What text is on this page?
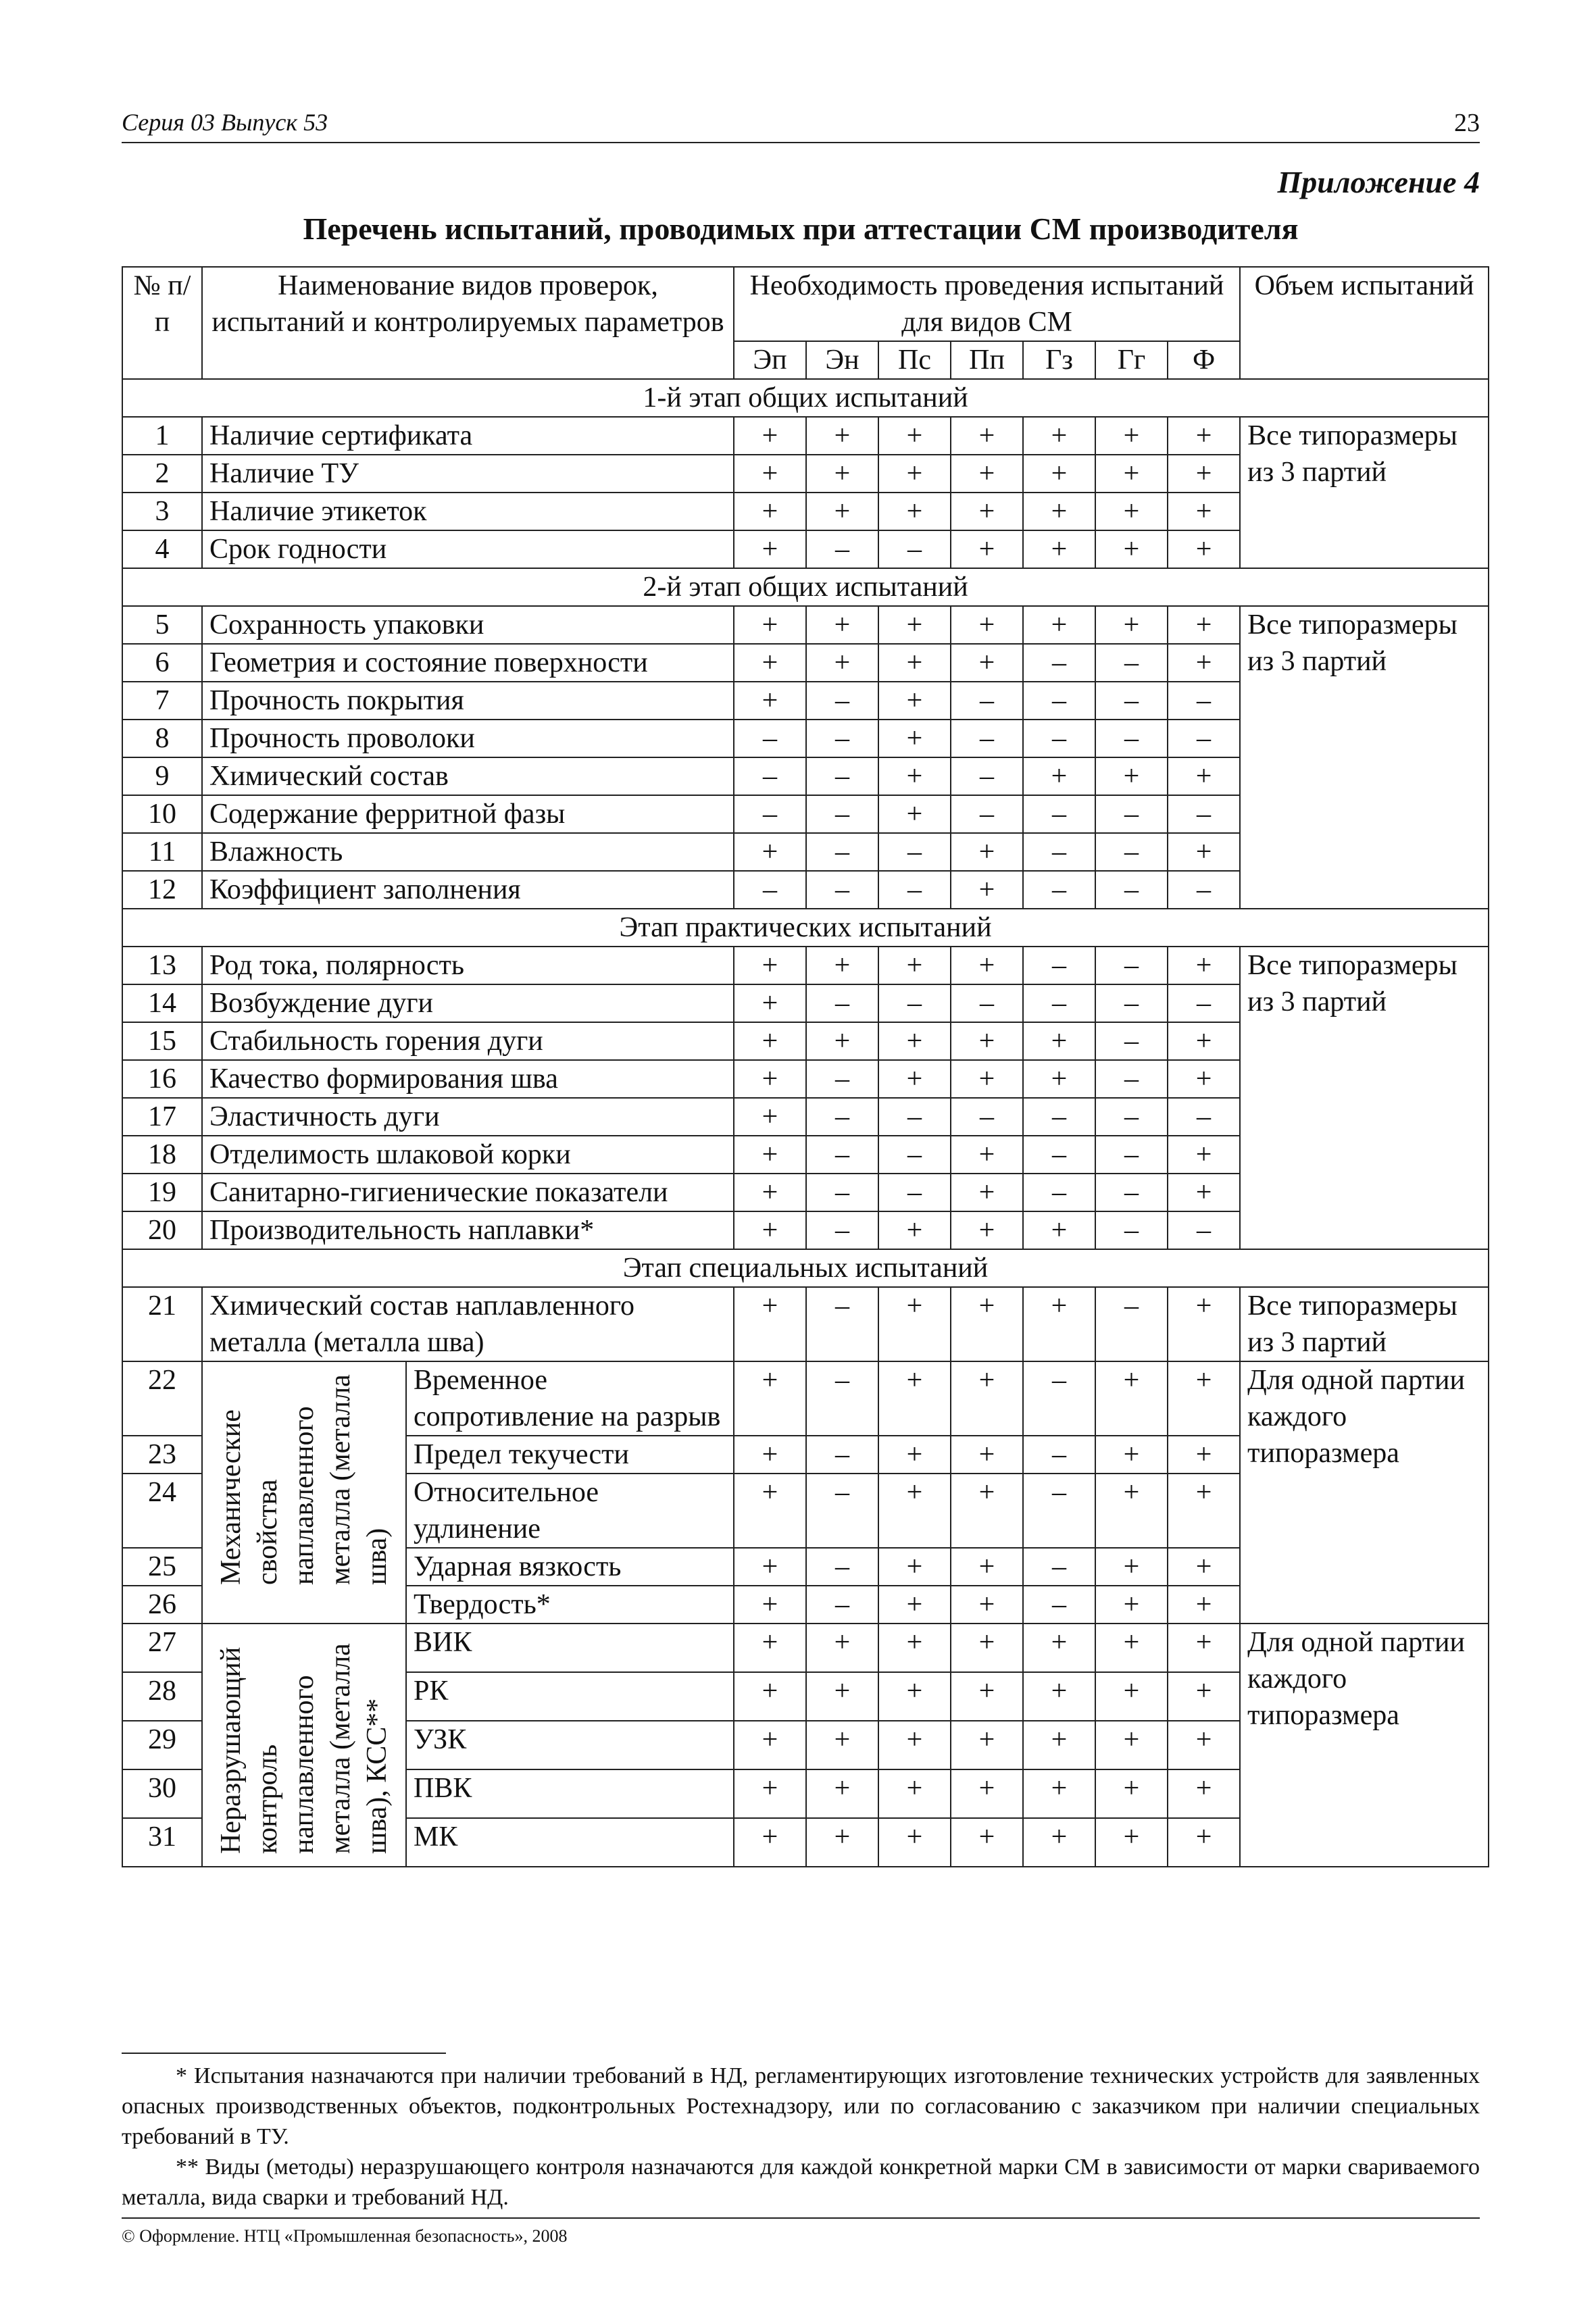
Серия 03 Выпуск 53	23
Приложение 4
Перечень испытаний, проводимых при аттестации СМ производителя
№ п/п	Наименование видов проверок, испытаний и контролируемых параметров		Необходимость проведения испытаний для видов СМ							Объем испытаний
			Эп	Эн	Пс	Пп	Гз	Гг	Ф	
1-й этап общих испытаний										
1	Наличие сертификата		+	+	+	+	+	+	+	Все типоразмеры из 3 партий
2	Наличие ТУ		+	+	+	+	+	+	+	
3	Наличие этикеток		+	+	+	+	+	+	+	
4	Срок годности		+	–	–	+	+	+	+	
2-й этап общих испытаний										
5	Сохранность упаковки		+	+	+	+	+	+	+	Все типоразмеры из 3 партий
6	Геометрия и состояние поверхности		+	+	+	+	–	–	+	
7	Прочность покрытия		+	–	+	–	–	–	–	
8	Прочность проволоки		–	–	+	–	–	–	–	
9	Химический состав		–	–	+	–	+	+	+	
10	Содержание ферритной фазы		–	–	+	–	–	–	–	
11	Влажность		+	–	–	+	–	–	+	
12	Коэффициент заполнения		–	–	–	+	–	–	–	
Этап практических испытаний										
13	Род тока, полярность		+	+	+	+	–	–	+	Все типоразмеры из 3 партий
14	Возбуждение дуги		+	–	–	–	–	–	–	
15	Стабильность горения дуги		+	+	+	+	+	–	+	
16	Качество формирования шва		+	–	+	+	+	–	+	
17	Эластичность дуги		+	–	–	–	–	–	–	
18	Отделимость шлаковой корки		+	–	–	+	–	–	+	
19	Санитарно-гигиенические показатели		+	–	–	+	–	–	+	
20	Производительность наплавки*		+	–	+	+	+	–	–	
Этап специальных испытаний										
21	Химический состав наплавленного металла (металла шва)		+	–	+	+	+	–	+	Все типоразмеры из 3 партий
22	Механические свойства наплавленного металла (металла шва)	Временное сопротивление на разрыв	+	–	+	+	–	+	+	Для одной партии каждого типоразмера
23		Предел текучести	+	–	+	+	–	+	+	
24		Относительное удлинение	+	–	+	+	–	+	+	
25		Ударная вязкость	+	–	+	+	–	+	+	
26		Твердость*	+	–	+	+	–	+	+	
27	Неразрушающий контроль наплавленного металла (металла шва), КСС**	ВИК	+	+	+	+	+	+	+	Для одной партии каждого типоразмера
28		РК	+	+	+	+	+	+	+	
29		УЗК	+	+	+	+	+	+	+	
30		ПВК	+	+	+	+	+	+	+	
31		МК	+	+	+	+	+	+	+	

* Испытания назначаются при наличии требований в НД, регламентирующих изготовление технических устройств для заявленных опасных производственных объектов, подконтрольных Ростехнадзору, или по согласованию с заказчиком при наличии специальных требований в ТУ.

** Виды (методы) неразрушающего контроля назначаются для каждой конкретной марки СМ в зависимости от марки свариваемого металла, вида сварки и требований НД.

© Оформление. НТЦ «Промышленная безопасность», 2008
